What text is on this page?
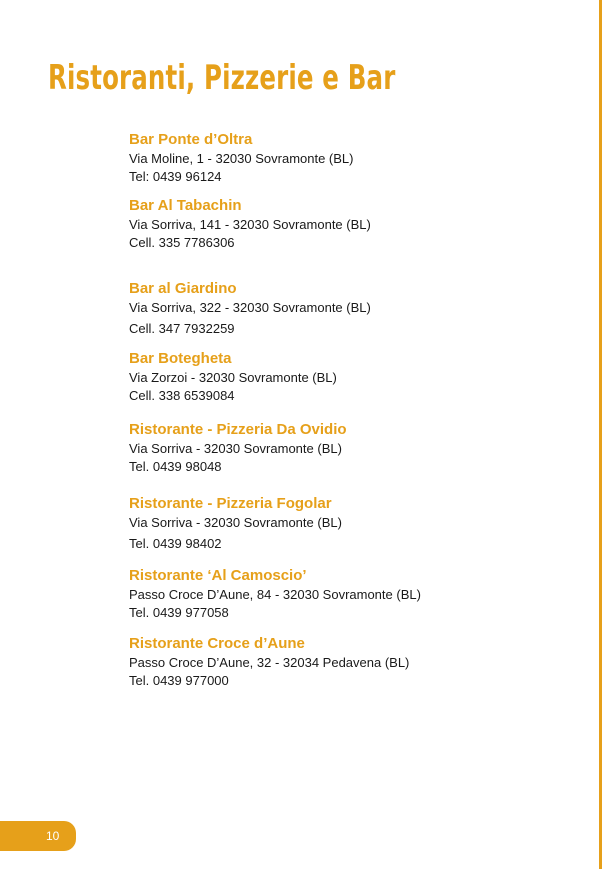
Ristoranti, Pizzerie e Bar
Bar Ponte d’Oltra
Via Moline, 1 - 32030 Sovramonte (BL)
Tel: 0439 96124
Bar Al Tabachin
Via Sorriva, 141 - 32030 Sovramonte (BL)
Cell. 335 7786306
Bar al Giardino
Via Sorriva, 322 - 32030 Sovramonte (BL)
Cell. 347 7932259
Bar Botegheta
Via Zorzoi - 32030 Sovramonte (BL)
Cell. 338 6539084
Ristorante - Pizzeria Da Ovidio
Via Sorriva - 32030 Sovramonte (BL)
Tel. 0439 98048
Ristorante - Pizzeria Fogolar
Via Sorriva - 32030 Sovramonte (BL)
Tel. 0439 98402
Ristorante ‘Al Camoscio’
Passo Croce D’Aune, 84 - 32030 Sovramonte (BL)
Tel. 0439 977058
Ristorante Croce d’Aune
Passo Croce D’Aune, 32 - 32034 Pedavena (BL)
Tel. 0439 977000
10
